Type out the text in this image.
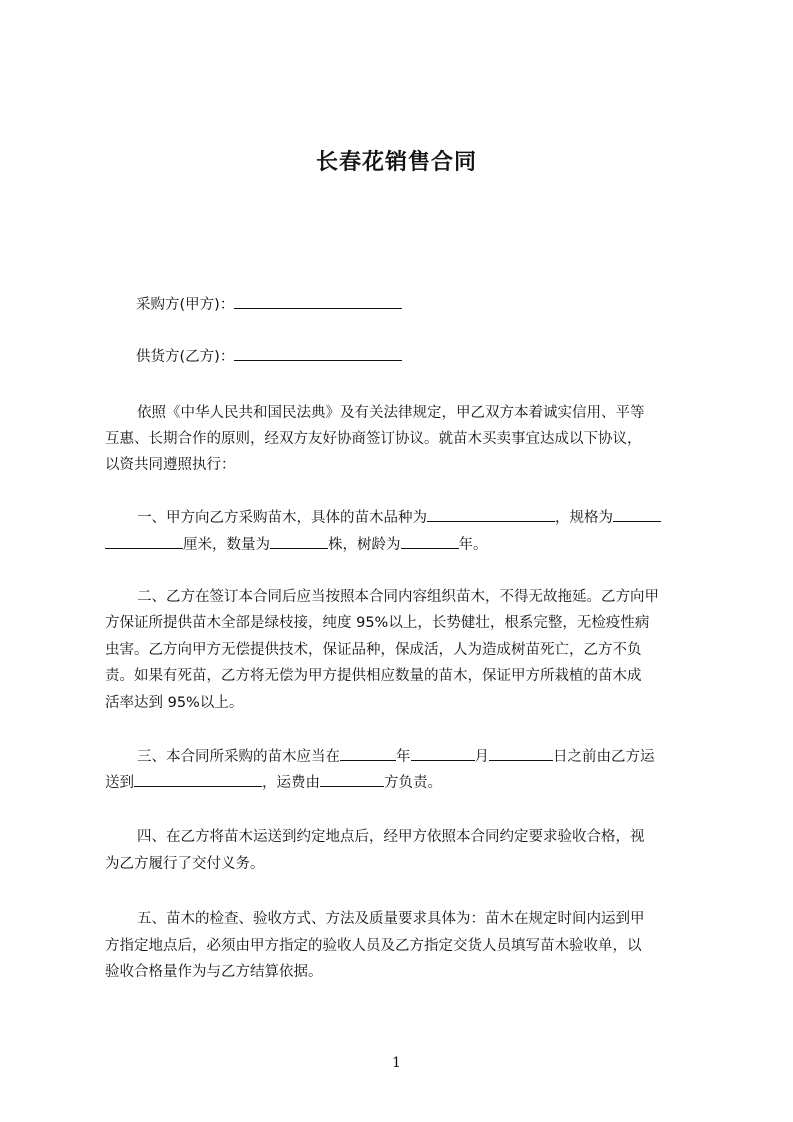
长春花销售合同
采购方(甲方)：
供货方(乙方)：
依照《中华人民共和国民法典》及有关法律规定，甲乙双方本着诚实信用、平等
互惠、长期合作的原则，经双方友好协商签订协议。就苗木买卖事宜达成以下协议，
以资共同遵照执行：
一、甲方向乙方采购苗木，具体的苗木品种为	，规格为
厘米，数量为	株，树龄为	年。
二、乙方在签订本合同后应当按照本合同内容组织苗木，不得无故拖延。乙方向甲
方保证所提供苗木全部是绿枝接，纯度 95%以上，长势健壮，根系完整，无检疫性病
虫害。乙方向甲方无偿提供技术，保证品种，保成活，人为造成树苗死亡，乙方不负
责。如果有死苗，乙方将无偿为甲方提供相应数量的苗木，保证甲方所栽植的苗木成
活率达到 95%以上。
三、本合同所采购的苗木应当在	年	月	日之前由乙方运
送到	，运费由	方负责。
四、在乙方将苗木运送到约定地点后，经甲方依照本合同约定要求验收合格，视
为乙方履行了交付义务。
五、苗木的检查、验收方式、方法及质量要求具体为：苗木在规定时间内运到甲
方指定地点后，必须由甲方指定的验收人员及乙方指定交货人员填写苗木验收单，以
验收合格量作为与乙方结算依据。
1
